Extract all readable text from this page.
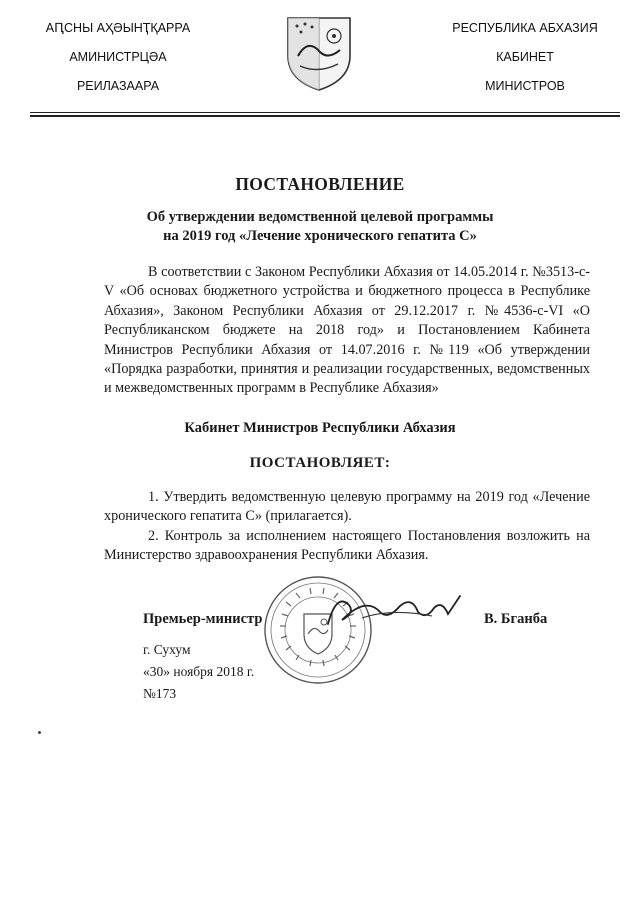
АԤСНЫ АҲӘЫНҬҚАРРА
АМИНИСТРЦӘА
РЕИЛАЗААРА
РЕСПУБЛИКА АБХАЗИЯ
КАБИНЕТ
МИНИСТРОВ
ПОСТАНОВЛЕНИЕ
Об утверждении ведомственной целевой программы
на 2019 год «Лечение хронического гепатита С»

В соответствии с Законом Республики Абхазия от 14.05.2014 г. №3513-с-V «Об основах бюджетного устройства и бюджетного процесса в Республике Абхазия», Законом Республики Абхазия от 29.12.2017 г. №4536-с-VI «О Республиканском бюджете на 2018 год» и Постановлением Кабинета Министров Республики Абхазия от 14.07.2016 г. №119 «Об утверждении «Порядка разработки, принятия и реализации государственных, ведомственных и межведомственных программ в Республике Абхазия»

Кабинет Министров Республики Абхазия
ПОСТАНОВЛЯЕТ:

1. Утвердить ведомственную целевую программу на 2019 год «Лечение хронического гепатита С» (прилагается).

2. Контроль за исполнением настоящего Постановления возложить на Министерство здравоохранения Республики Абхазия.

Премьер-министр	В. Бганба
г. Сухум
«30» ноября 2018 г.
№173
